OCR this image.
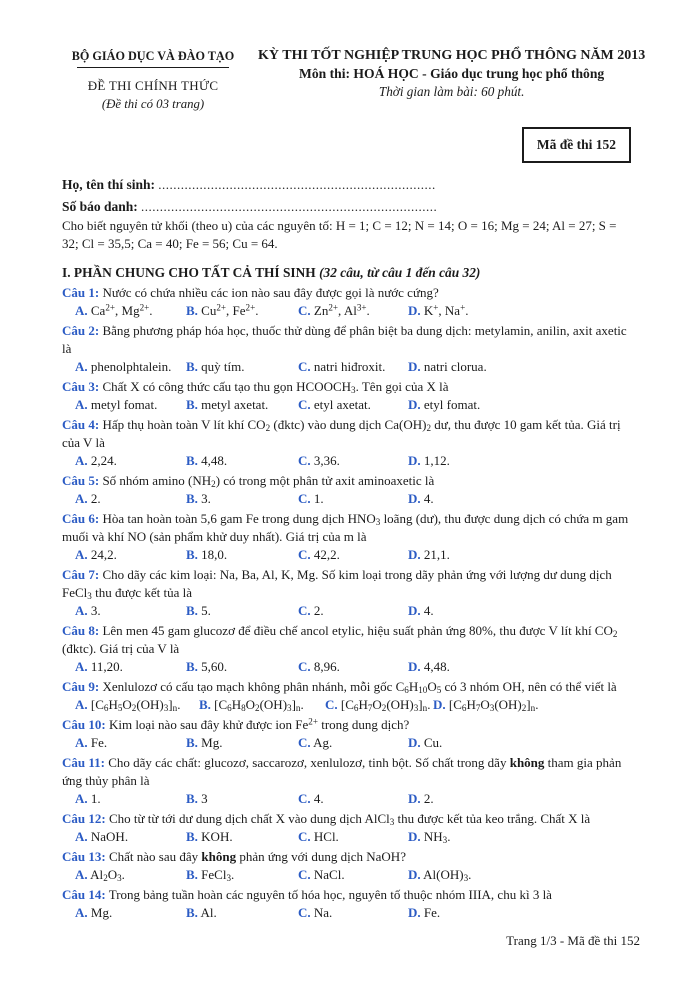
BỘ GIÁO DỤC VÀ ĐÀO TẠO
ĐỀ THI CHÍNH THỨC
(Đề thi có 03 trang)
KỲ THI TỐT NGHIỆP TRUNG HỌC PHỔ THÔNG NĂM 2013
Môn thi: HOÁ HỌC - Giáo dục trung học phổ thông
Thời gian làm bài: 60 phút.
Mã đề thi 152
Họ, tên thí sinh: ..........................................................................
Số báo danh: ...............................................................................
Cho biết nguyên tử khối (theo u) của các nguyên tố: H = 1; C = 12; N = 14; O = 16; Mg = 24; Al = 27; S = 32; Cl = 35,5; Ca = 40; Fe = 56; Cu = 64.
I. PHẦN CHUNG CHO TẤT CẢ THÍ SINH (32 câu, từ câu 1 đến câu 32)
Câu 1: Nước có chứa nhiều các ion nào sau đây được gọi là nước cứng?
A. $Ca^{2+}$, $Mg^{2+}$.	B. $Cu^{2+}$, $Fe^{2+}$.	C. $Zn^{2+}$, $Al^{3+}$.	D. K+, Na+.
Câu 2: Bằng phương pháp hóa học, thuốc thử dùng để phân biệt ba dung dịch: metylamin, anilin, axit axetic là
A. phenolphtalein.	B. quỳ tím.	C. natri hiđroxit.	D. natri clorua.
Câu 3: Chất X có công thức cấu tạo thu gọn $HCOOCH_3$. Tên gọi của X là
A. metyl fomat.	B. metyl axetat.	C. etyl axetat.	D. etyl fomat.
Câu 4: Hấp thụ hoàn toàn V lít khí $CO_2$ (đktc) vào dung dịch $Ca(OH)_2$ dư, thu được 10 gam kết tủa. Giá trị của V là
A. 2,24.	B. 4,48.	C. 3,36.	D. 1,12.
Câu 5: Số nhóm amino $(NH_2)$ có trong một phân tử axit aminoaxetic là
A. 2.	B. 3.	C. 1.	D. 4.
Câu 6: Hòa tan hoàn toàn 5,6 gam Fe trong dung dịch $HNO_3$ loãng (dư), thu được dung dịch có chứa m gam muối và khí NO (sản phẩm khử duy nhất). Giá trị của m là
A. 24,2.	B. 18,0.	C. 42,2.	D. 21,1.
Câu 7: Cho dãy các kim loại: Na, Ba, Al, K, Mg. Số kim loại trong dãy phản ứng với lượng dư dung dịch FeCl$_3$ thu được kết tủa là
A. 3.	B. 5.	C. 2.	D. 4.
Câu 8: Lên men 45 gam glucozơ để điều chế ancol etylic, hiệu suất phản ứng 80%, thu được V lít khí $CO_2$ (đktc). Giá trị của V là
A. 11,20.	B. 5,60.	C. 8,96.	D. 4,48.
Câu 9: Xenlulozơ có cấu tạo mạch không phân nhánh, mỗi gốc $C_6H_{10}O_5$ có 3 nhóm OH, nên có thể viết là
A. $[C_6H_5O_2(OH)_3]_n$.	B. $[C_6H_8O_2(OH)_3]_n$.	C. $[C_6H_7O_2(OH)_3]_n$. D. $[C_6H_7O_3(OH)_2]_n$.
Câu 10: Kim loại nào sau đây khử được ion $Fe^{2+}$ trong dung dịch?
A. Fe.	B. Mg.	C. Ag.	D. Cu.
Câu 11: Cho dãy các chất: glucozơ, saccarozơ, xenlulozơ, tinh bột. Số chất trong dãy không tham gia phản ứng thủy phân là
A. 1.	B. 3	C. 4.	D. 2.
Câu 12: Cho từ từ tới dư dung dịch chất X vào dung dịch AlCl$_3$ thu được kết tủa keo trắng. Chất X là
A. NaOH.	B. KOH.	C. HCl.	D. $NH_3$.
Câu 13: Chất nào sau đây không phản ứng với dung dịch NaOH?
A. $Al_2O_3$.	B. FeCl$_3$.	C. NaCl.	D. $Al(OH)_3$.
Câu 14: Trong bảng tuần hoàn các nguyên tố hóa học, nguyên tố thuộc nhóm IIIA, chu kì 3 là
A. Mg.	B. Al.	C. Na.	D. Fe.
Trang 1/3 - Mã đề thi 152
